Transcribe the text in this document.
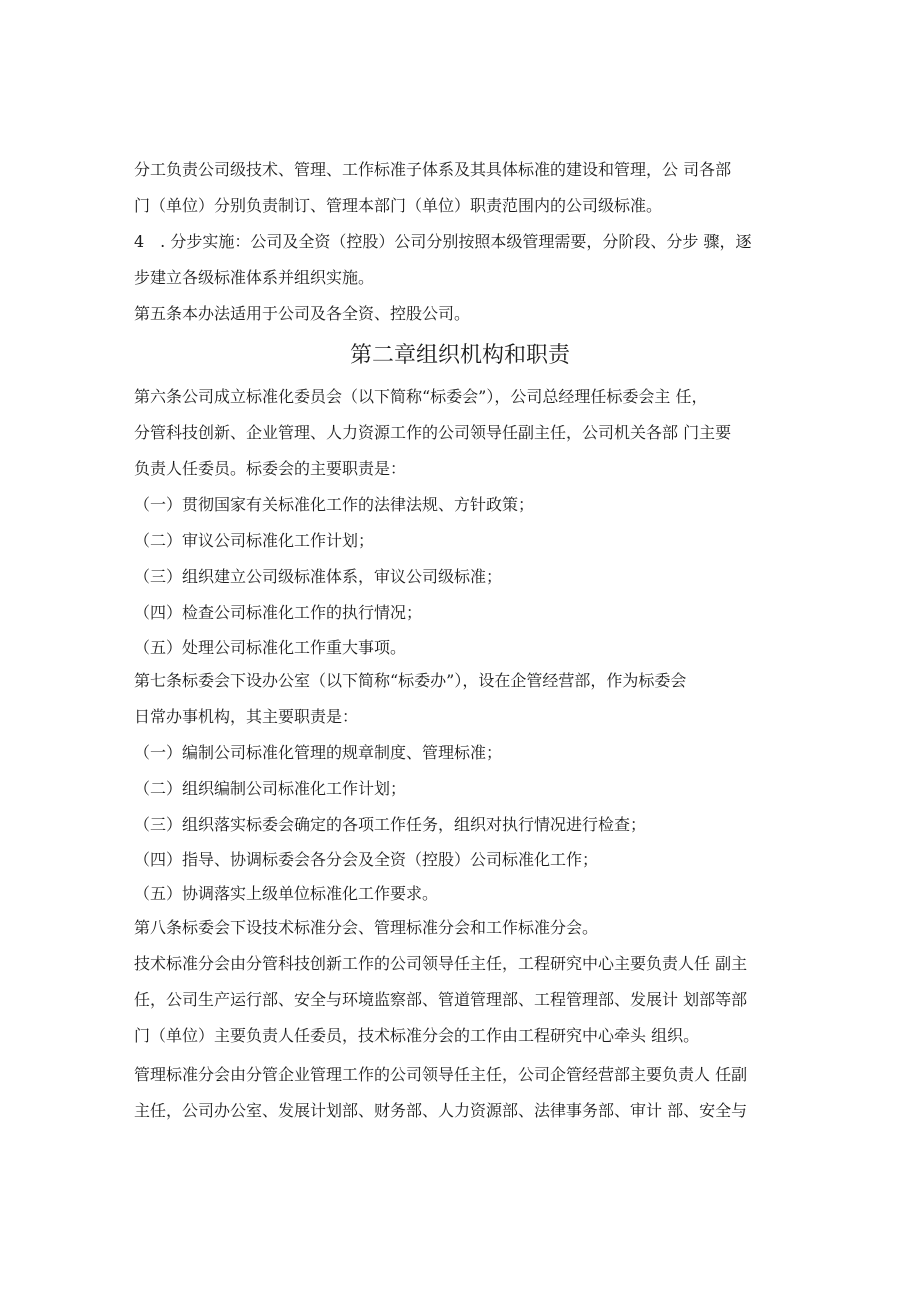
分工负责公司级技术、管理、工作标准子体系及其具体标准的建设和管理，公 司各部
门（单位）分别负责制订、管理本部门（单位）职责范围内的公司级标准。
4　. 分步实施：公司及全资（控股）公司分别按照本级管理需要，分阶段、分步 骤，逐
步建立各级标准体系并组织实施。
第五条本办法适用于公司及各全资、控股公司。
第二章组织机构和职责
第六条公司成立标准化委员会（以下简称“标委会”），公司总经理任标委会主 任，
分管科技创新、企业管理、人力资源工作的公司领导任副主任，公司机关各部 门主要
负责人任委员。标委会的主要职责是：
（一）贯彻国家有关标准化工作的法律法规、方针政策；
（二）审议公司标准化工作计划；
（三）组织建立公司级标准体系，审议公司级标准；
（四）检查公司标准化工作的执行情况；
（五）处理公司标准化工作重大事项。
第七条标委会下设办公室（以下简称“标委办”），设在企管经营部，作为标委会
日常办事机构，其主要职责是：
（一）编制公司标准化管理的规章制度、管理标准；
（二）组织编制公司标准化工作计划；
（三）组织落实标委会确定的各项工作任务，组织对执行情况进行检查；
（四）指导、协调标委会各分会及全资（控股）公司标准化工作；
（五）协调落实上级单位标准化工作要求。
第八条标委会下设技术标准分会、管理标准分会和工作标准分会。
技术标准分会由分管科技创新工作的公司领导任主任，工程研究中心主要负责人任 副主
任，公司生产运行部、安全与环境监察部、管道管理部、工程管理部、发展计 划部等部
门（单位）主要负责人任委员，技术标准分会的工作由工程研究中心牵头 组织。
管理标准分会由分管企业管理工作的公司领导任主任，公司企管经营部主要负责人 任副
主任，公司办公室、发展计划部、财务部、人力资源部、法律事务部、审计 部、安全与
